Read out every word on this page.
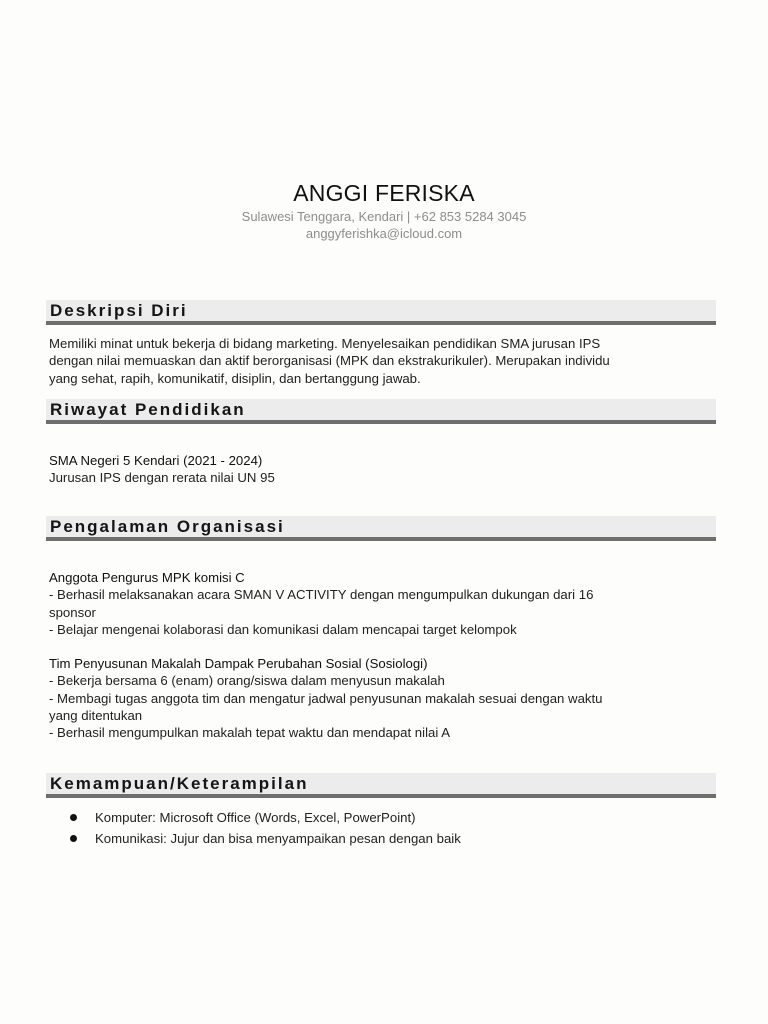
ANGGI FERISKA
Sulawesi Tenggara, Kendari | +62 853 5284 3045
anggyferishka@icloud.com
Deskripsi Diri
Memiliki minat untuk bekerja di bidang marketing. Menyelesaikan pendidikan SMA jurusan IPS
dengan nilai memuaskan dan aktif berorganisasi (MPK dan ekstrakurikuler). Merupakan individu
yang sehat, rapih, komunikatif, disiplin, dan bertanggung jawab.
Riwayat Pendidikan
SMA Negeri 5 Kendari (2021 - 2024)
Jurusan IPS dengan rerata nilai UN 95
Pengalaman Organisasi
Anggota Pengurus MPK komisi C
- Berhasil melaksanakan acara SMAN V ACTIVITY dengan mengumpulkan dukungan dari 16
sponsor
- Belajar mengenai kolaborasi dan komunikasi dalam mencapai target kelompok
Tim Penyusunan Makalah Dampak Perubahan Sosial (Sosiologi)
- Bekerja bersama 6 (enam) orang/siswa dalam menyusun makalah
- Membagi tugas anggota tim dan mengatur jadwal penyusunan makalah sesuai dengan waktu
yang ditentukan
- Berhasil mengumpulkan makalah tepat waktu dan mendapat nilai A
Kemampuan/Keterampilan
Komputer: Microsoft Office (Words, Excel, PowerPoint)
Komunikasi: Jujur dan bisa menyampaikan pesan dengan baik
